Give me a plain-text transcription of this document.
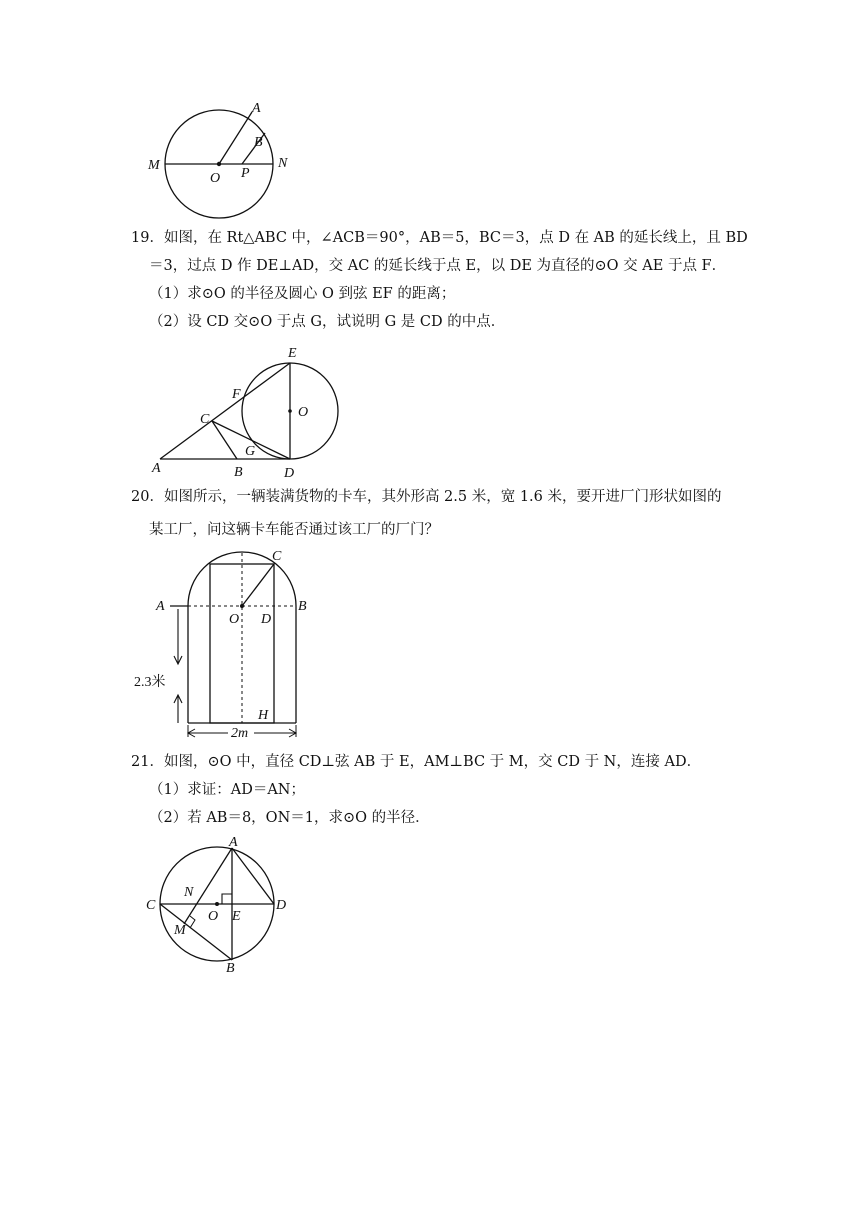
A
B
M	N
O P
19．如图，在 Rt△ABC 中，∠ACB＝90°，AB＝5，BC＝3，点 D 在 AB 的延长线上，且 BD
＝3，过点 D 作 DE⊥AD，交 AC 的延长线于点 E，以 DE 为直径的⊙O 交 AE 于点 F．
（1）求⊙O 的半径及圆心 O 到弦 EF 的距离；
（2）设 CD 交⊙O 于点 G，试说明 G 是 CD 的中点．
E
F
C	O
G
A	B	D
20．如图所示，一辆装满货物的卡车，其外形高 2.5 米，宽 1.6 米，要开进厂门形状如图的
某工厂，问这辆卡车能否通过该工厂的厂门？
C
A	B
O D
H
2.3米
2m
21．如图，⊙O 中，直径 CD⊥弦 AB 于 E，AM⊥BC 于 M，交 CD 于 N，连接 AD．
（1）求证：AD＝AN；
（2）若 AB＝8，ON＝1，求⊙O 的半径．
A
N
C
O E
D
M
B
